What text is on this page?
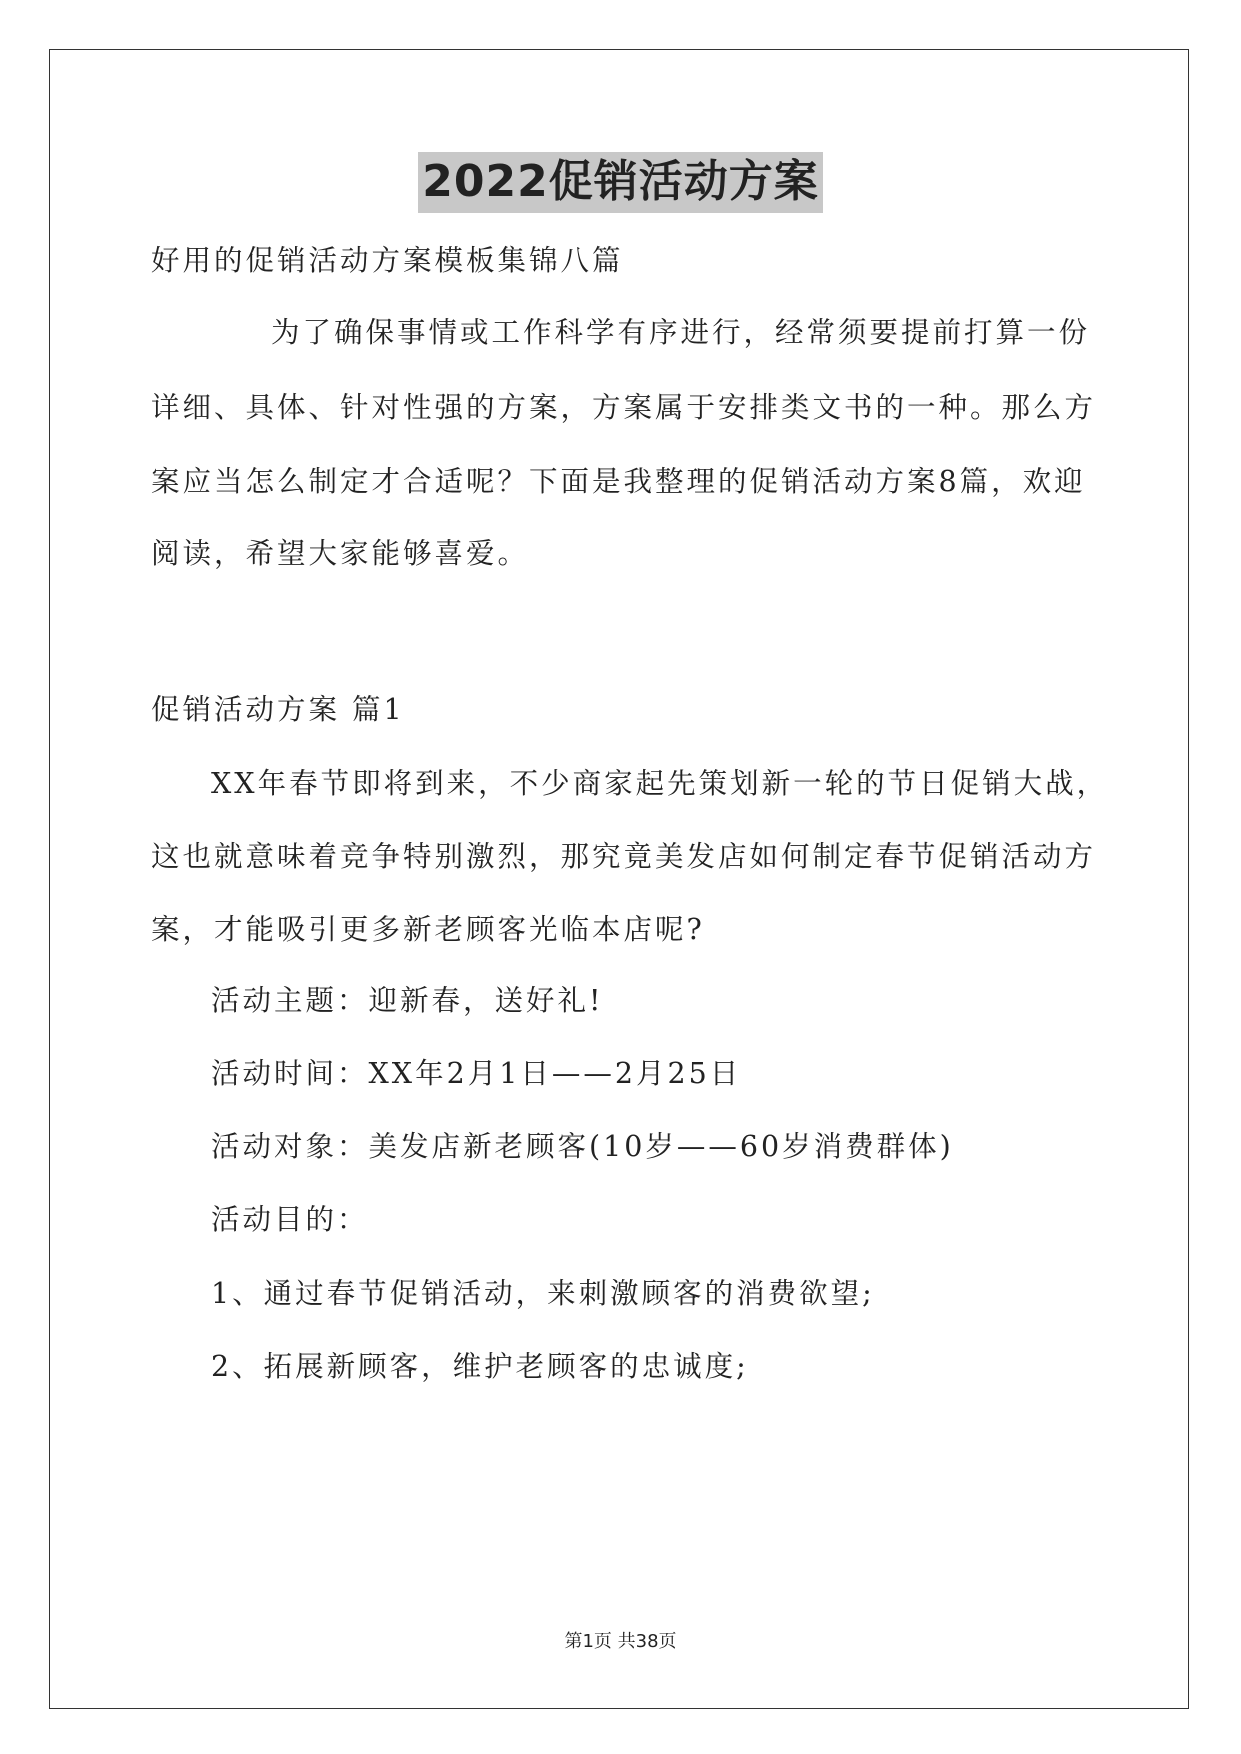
2022促销活动方案
好用的促销活动方案模板集锦八篇
为了确保事情或工作科学有序进行，经常须要提前打算一份
详细、具体、针对性强的方案，方案属于安排类文书的一种。那么方
案应当怎么制定才合适呢？下面是我整理的促销活动方案8篇，欢迎
阅读，希望大家能够喜爱。
促销活动方案 篇1
XX年春节即将到来，不少商家起先策划新一轮的节日促销大战，
这也就意味着竞争特别激烈，那究竟美发店如何制定春节促销活动方
案，才能吸引更多新老顾客光临本店呢?
活动主题：迎新春，送好礼!
活动时间：XX年2月1日——2月25日
活动对象：美发店新老顾客(10岁——60岁消费群体)
活动目的：
1、通过春节促销活动，来刺激顾客的消费欲望;
2、拓展新顾客，维护老顾客的忠诚度;
第1页 共38页
